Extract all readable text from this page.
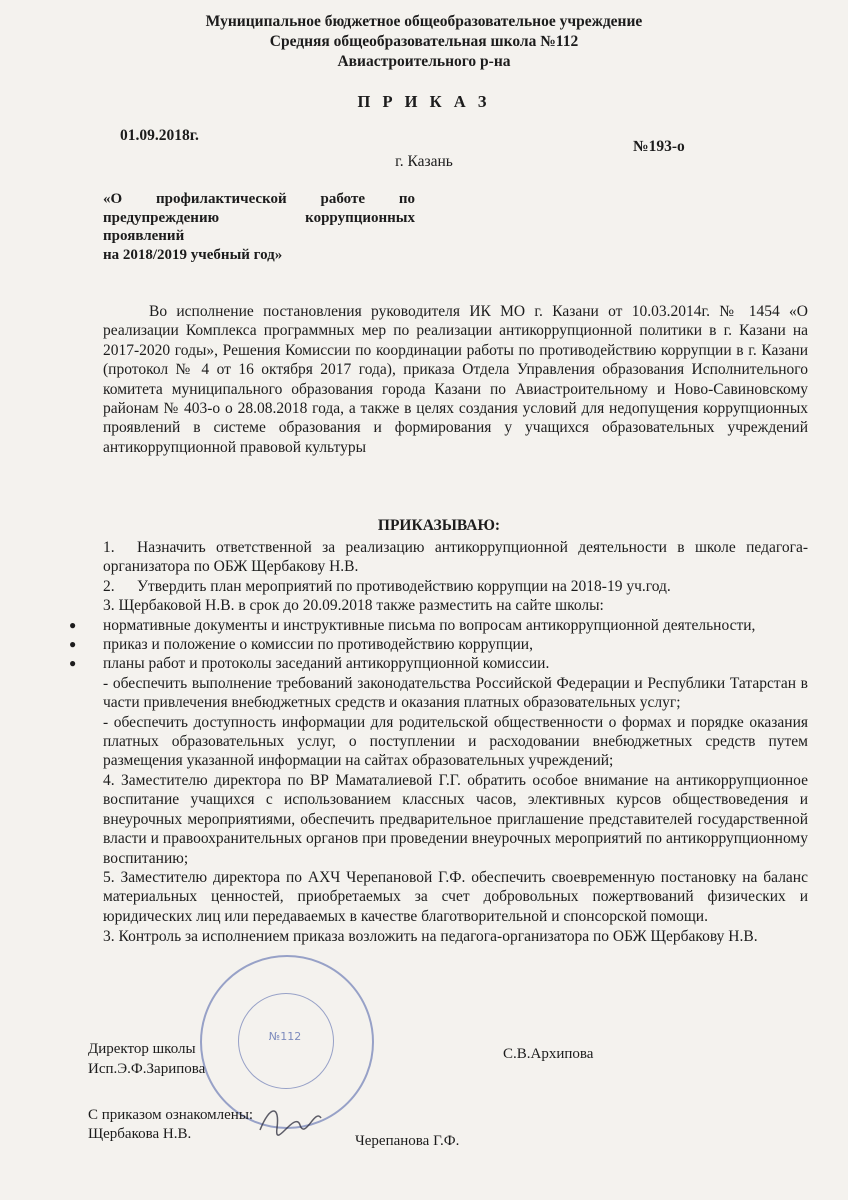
Муниципальное бюджетное общеобразовательное учреждение
Средняя общеобразовательная школа №112
Авиастроительного р-на
П Р И К А З
01.09.2018г.
№193-о
г. Казань
«О профилактической работе по
предупреждению коррупционных
проявлений
на 2018/2019 учебный год»
Во исполнение постановления руководителя ИК МО г. Казани от 10.03.2014г. № 1454 «О реализации Комплекса программных мер по реализации антикоррупционной политики в г. Казани на 2017-2020 годы», Решения Комиссии по координации работы по противодействию коррупции в г. Казани (протокол № 4 от 16 октября 2017 года), приказа Отдела Управления образования Исполнительного комитета муниципального образования города Казани по Авиастроительному и Ново-Савиновскому районам № 403-о о 28.08.2018 года, а также в целях создания условий для недопущения коррупционных проявлений в системе образования и формирования у учащихся образовательных учреждений антикоррупционной правовой культуры
ПРИКАЗЫВАЮ:

1. Назначить ответственной за реализацию антикоррупционной деятельности в школе педагога- организатора по ОБЖ Щербакову Н.В.

2. Утвердить план мероприятий по противодействию коррупции на 2018-19 уч.год.

3. Щербаковой Н.В. в срок до 20.09.2018 также разместить на сайте школы:

● нормативные документы и инструктивные письма по вопросам антикоррупционной деятельности,

● приказ и положение о комиссии по противодействию коррупции,

● планы работ и протоколы заседаний антикоррупционной комиссии.

- обеспечить выполнение требований законодательства Российской Федерации и Республики Татарстан в части привлечения внебюджетных средств и оказания платных образовательных услуг;

- обеспечить доступность информации для родительской общественности о формах и порядке оказания платных образовательных услуг, о поступлении и расходовании внебюджетных средств путем размещения указанной информации на сайтах образовательных учреждений;

4. Заместителю директора по ВР Маматалиевой Г.Г. обратить особое внимание на антикоррупционное воспитание учащихся с использованием классных часов, элективных курсов обществоведения и внеурочных мероприятиями, обеспечить предварительное приглашение представителей государственной власти и правоохранительных органов при проведении внеурочных мероприятий по антикоррупционному воспитанию;

5. Заместителю директора по АХЧ Черепановой Г.Ф. обеспечить своевременную постановку на баланс материальных ценностей, приобретаемых за счет добровольных пожертвований физических и юридических лиц или передаваемых в качестве благотворительной и спонсорской помощи.

3. Контроль за исполнением приказа возложить на педагога-организатора по ОБЖ Щербакову Н.В.

№112
Директор школы	С.В.Архипова
Исп.Э.Ф.Зарипова
С приказом ознакомлены:
Щербакова Н.В.	Черепанова Г.Ф.
